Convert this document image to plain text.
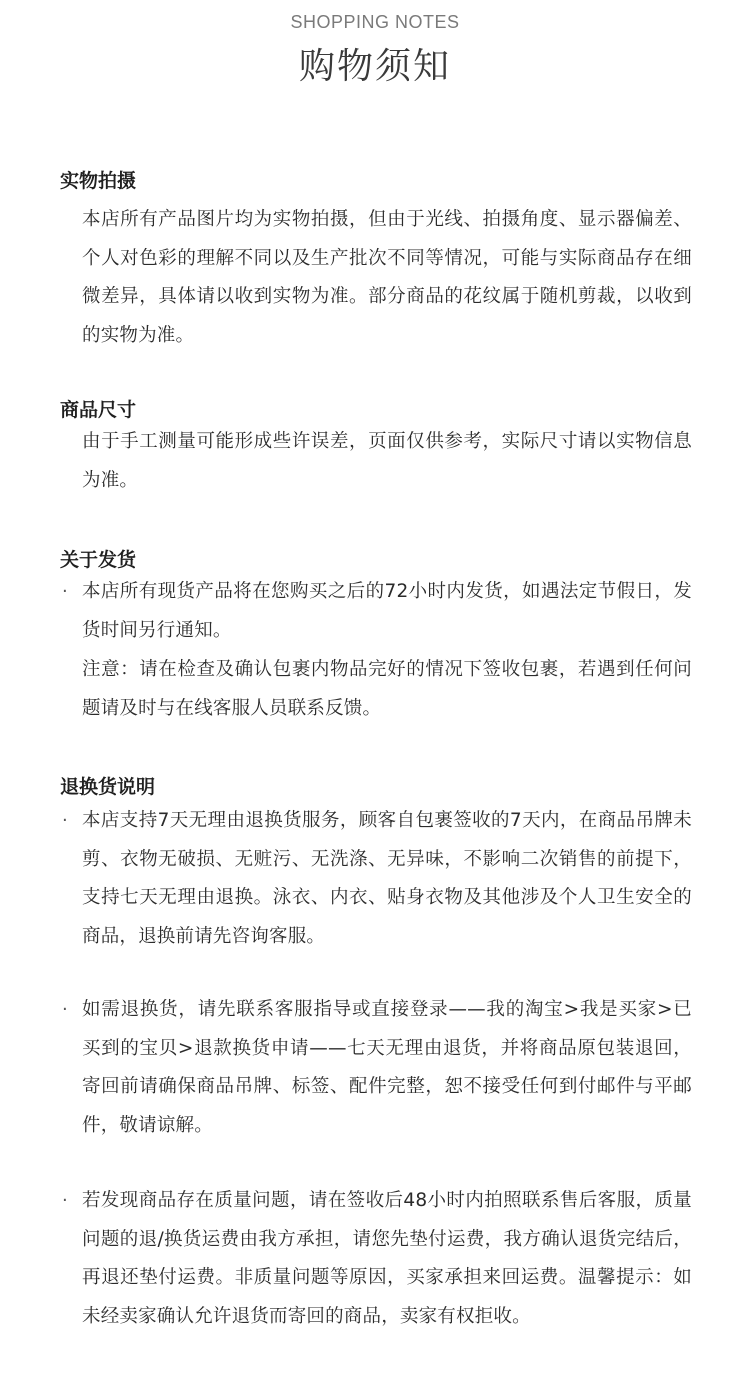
SHOPPING NOTES
购物须知
实物拍摄
本店所有产品图片均为实物拍摄，但由于光线、拍摄角度、显示器偏差、个人对色彩的理解不同以及生产批次不同等情况，可能与实际商品存在细微差异，具体请以收到实物为准。部分商品的花纹属于随机剪裁，以收到的实物为准。
商品尺寸
由于手工测量可能形成些许误差，页面仅供参考，实际尺寸请以实物信息为准。
关于发货
· 本店所有现货产品将在您购买之后的72小时内发货，如遇法定节假日，发货时间另行通知。
注意：请在检查及确认包裹内物品完好的情况下签收包裹，若遇到任何问题请及时与在线客服人员联系反馈。
退换货说明
· 本店支持7天无理由退换货服务，顾客自包裹签收的7天内，在商品吊牌未剪、衣物无破损、无赃污、无洗涤、无异味，不影响二次销售的前提下，支持七天无理由退换。泳衣、内衣、贴身衣物及其他涉及个人卫生安全的商品，退换前请先咨询客服。
· 如需退换货，请先联系客服指导或直接登录——我的淘宝>我是买家>已买到的宝贝>退款换货申请——七天无理由退货，并将商品原包装退回，寄回前请确保商品吊牌、标签、配件完整，恕不接受任何到付邮件与平邮件，敬请谅解。
· 若发现商品存在质量问题，请在签收后48小时内拍照联系售后客服，质量问题的退/换货运费由我方承担，请您先垫付运费，我方确认退货完结后，再退还垫付运费。非质量问题等原因，买家承担来回运费。温馨提示：如未经卖家确认允许退货而寄回的商品，卖家有权拒收。
